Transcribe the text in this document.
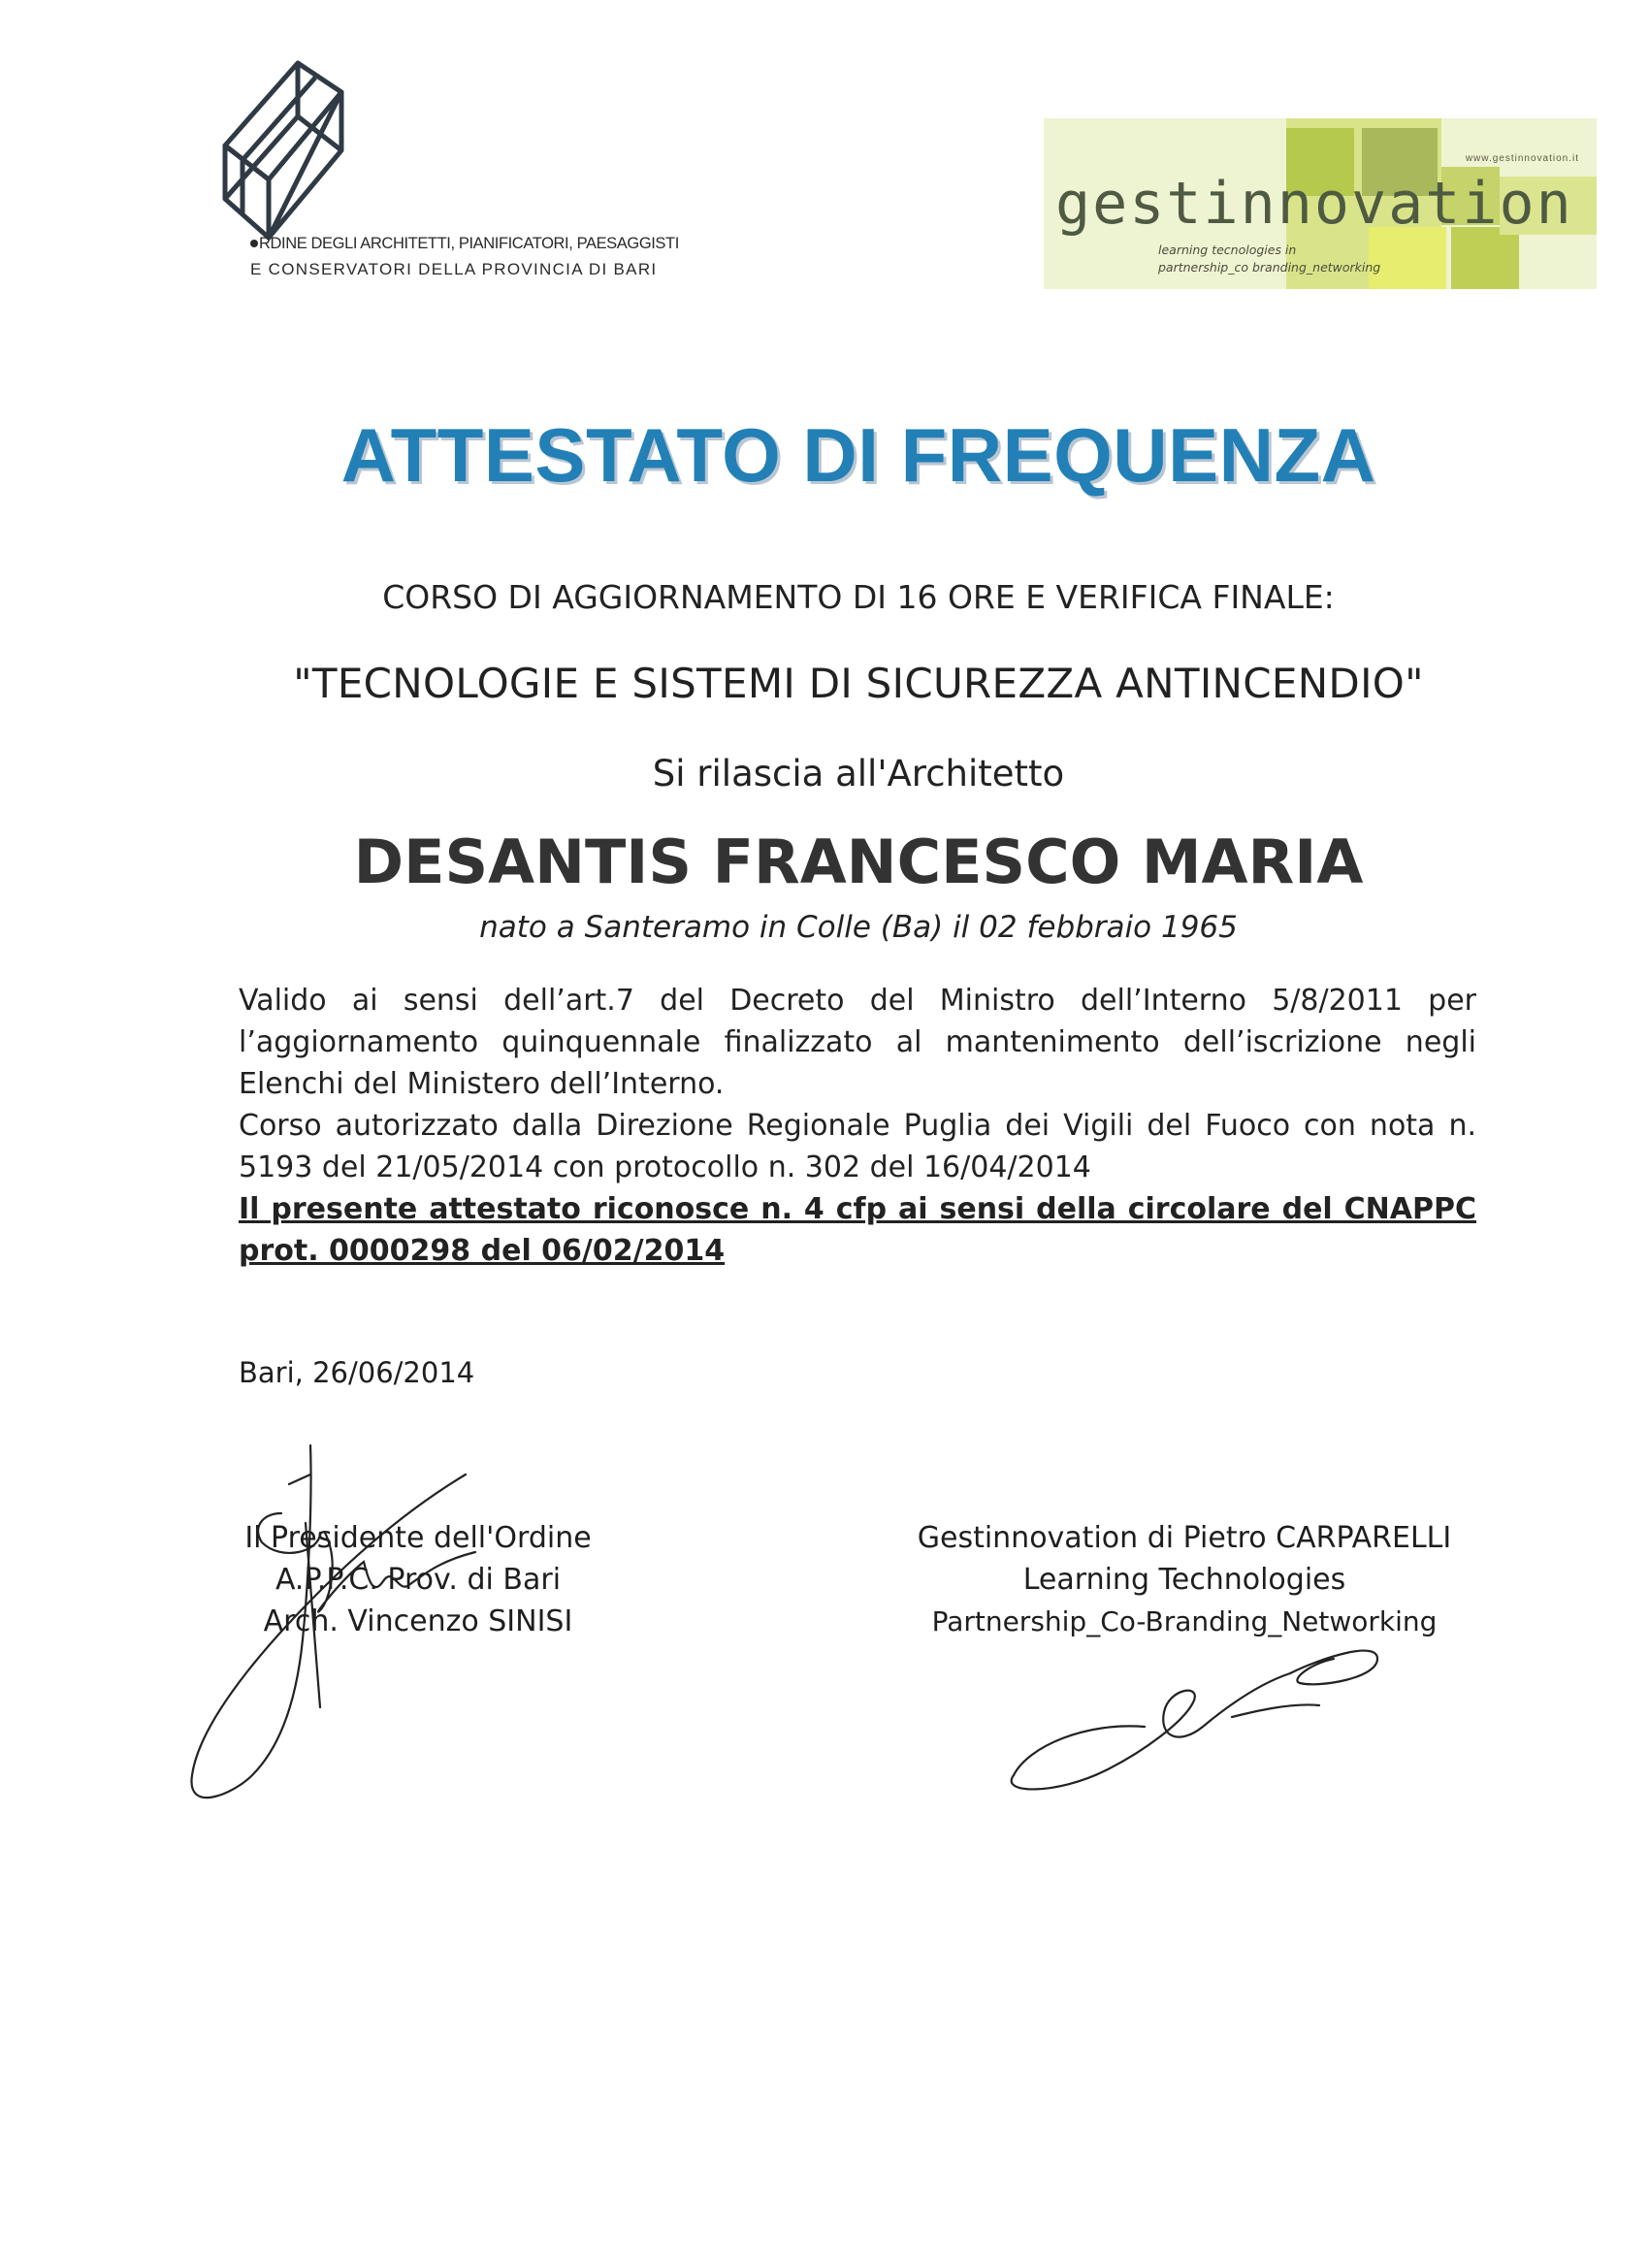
RDINE DEGLI ARCHITETTI, PIANIFICATORI, PAESAGGISTI
E CONSERVATORI DELLA PROVINCIA DI BARI
www.gestinnovation.it
gestinnovation
learning tecnologies in
partnership_co branding_networking
ATTESTATO DI FREQUENZA
CORSO DI AGGIORNAMENTO DI 16 ORE E VERIFICA FINALE:
"TECNOLOGIE E SISTEMI DI SICUREZZA ANTINCENDIO"
Si rilascia all'Architetto
DESANTIS FRANCESCO MARIA
nato a Santeramo in Colle (Ba) il 02 febbraio 1965

Valido ai sensi dell’art.7 del Decreto del Ministro dell’Interno 5/8/2011 per l’aggiornamento quinquennale finalizzato al mantenimento dell’iscrizione negli Elenchi del Ministero dell’Interno.

Corso autorizzato dalla Direzione Regionale Puglia dei Vigili del Fuoco con nota n. 5193 del 21/05/2014 con protocollo n. 302 del 16/04/2014

Il presente attestato riconosce n. 4 cfp ai sensi della circolare del CNAPPC prot. 0000298 del 06/02/2014

Bari, 26/06/2014
Il Presidente dell'Ordine
A.P.P.C. Prov. di Bari
Arch. Vincenzo SINISI
Gestinnovation di Pietro CARPARELLI
Learning Technologies
Partnership_Co-Branding_Networking
